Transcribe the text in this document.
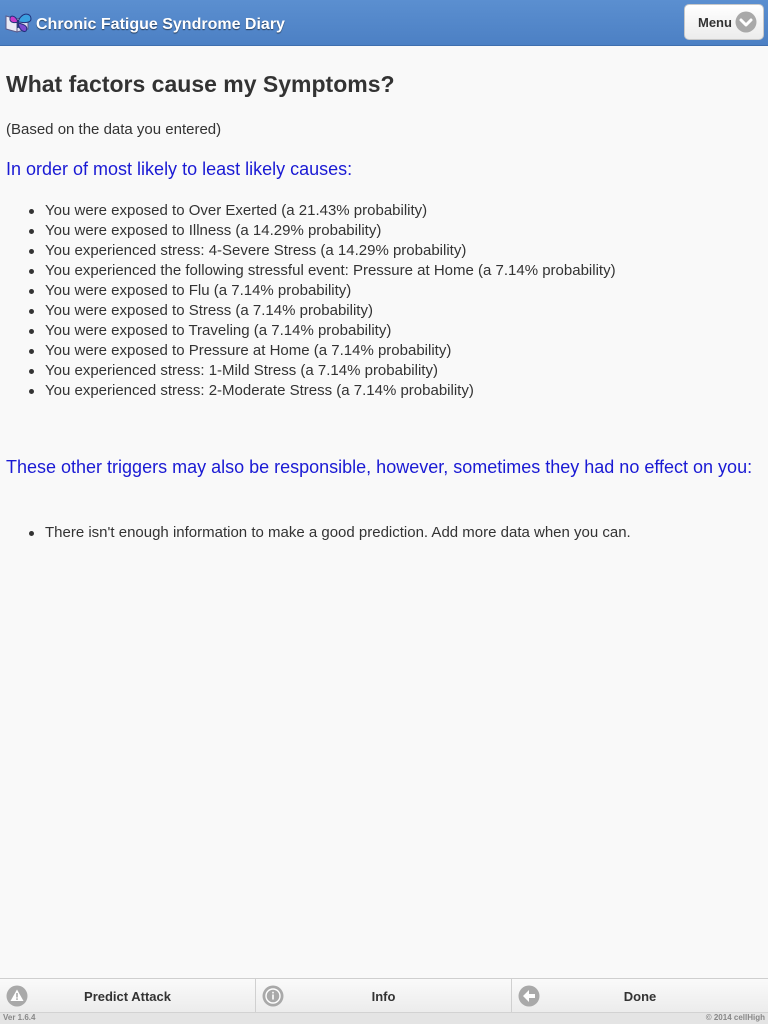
Chronic Fatigue Syndrome Diary	Menu
What factors cause my Symptoms?
(Based on the data you entered)
In order of most likely to least likely causes:
You were exposed to Over Exerted (a 21.43% probability)
You were exposed to Illness (a 14.29% probability)
You experienced stress: 4-Severe Stress (a 14.29% probability)
You experienced the following stressful event: Pressure at Home (a 7.14% probability)
You were exposed to Flu (a 7.14% probability)
You were exposed to Stress (a 7.14% probability)
You were exposed to Traveling (a 7.14% probability)
You were exposed to Pressure at Home (a 7.14% probability)
You experienced stress: 1-Mild Stress (a 7.14% probability)
You experienced stress: 2-Moderate Stress (a 7.14% probability)
These other triggers may also be responsible, however, sometimes they had no effect on you:
There isn't enough information to make a good prediction. Add more data when you can.
Predict Attack	Info	Done
Ver 1.6.4	© 2014 cellHigh
